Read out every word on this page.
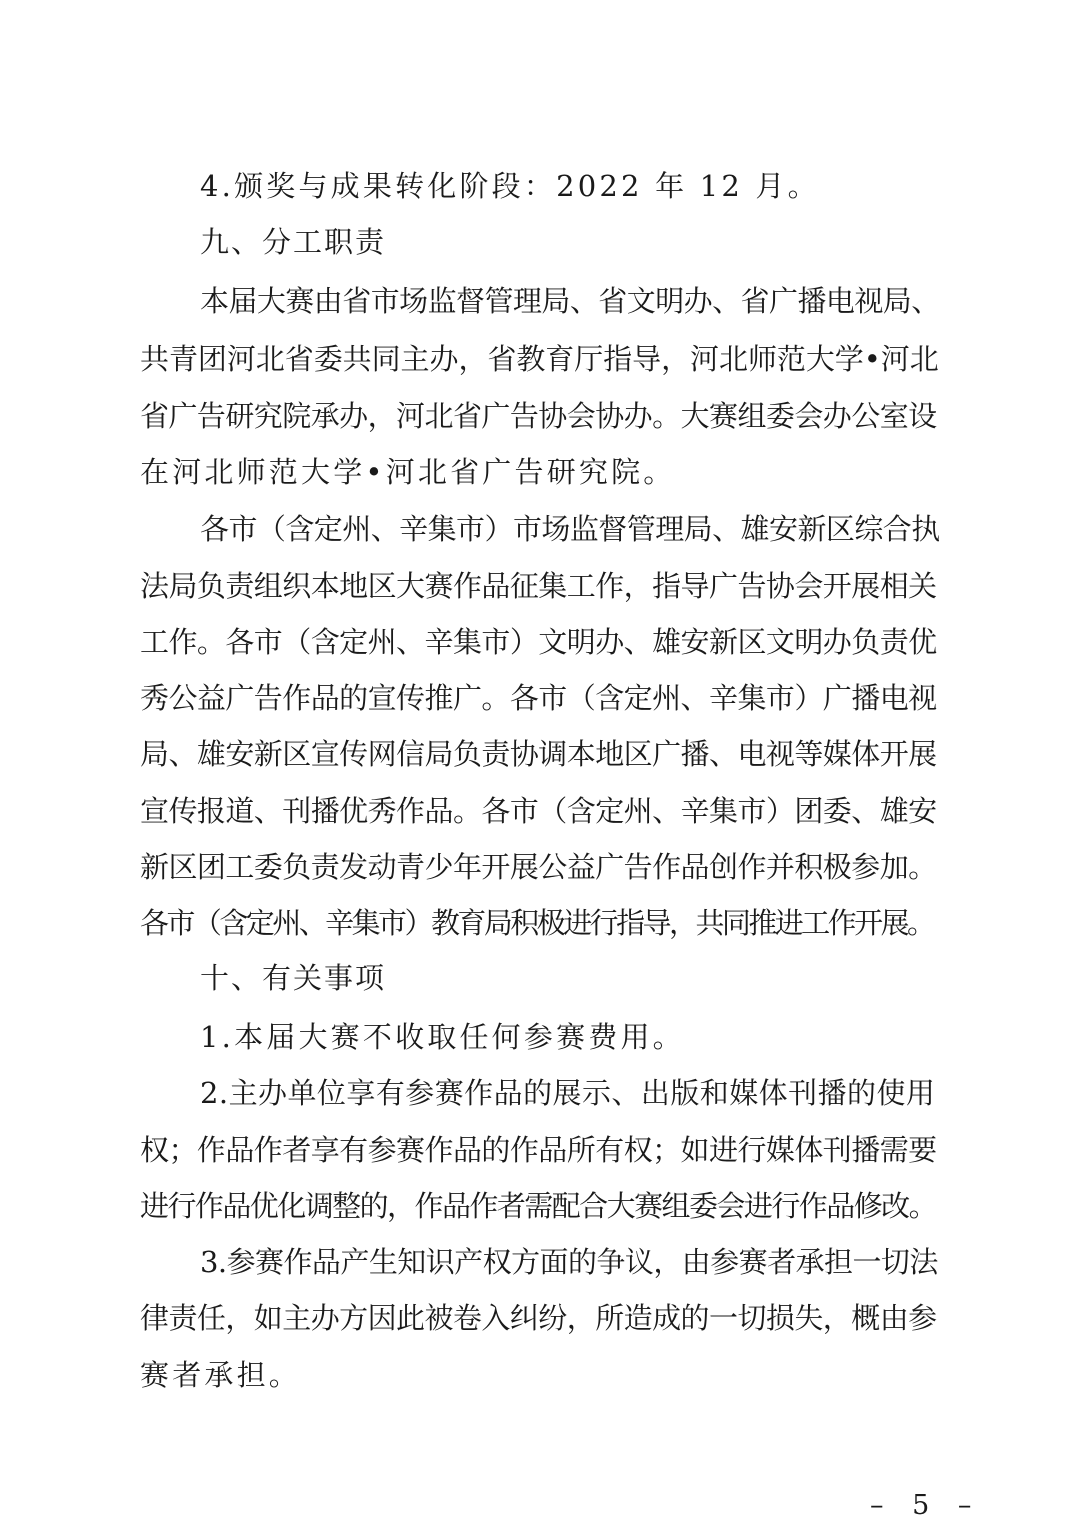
4.颁奖与成果转化阶段：2022 年 12 月。
九、分工职责
本届大赛由省市场监督管理局、省文明办、省广播电视局、
共青团河北省委共同主办，省教育厅指导，河北师范大学•河北
省广告研究院承办，河北省广告协会协办。大赛组委会办公室设
在河北师范大学•河北省广告研究院。
各市（含定州、辛集市）市场监督管理局、雄安新区综合执
法局负责组织本地区大赛作品征集工作，指导广告协会开展相关
工作。各市（含定州、辛集市）文明办、雄安新区文明办负责优
秀公益广告作品的宣传推广。各市（含定州、辛集市）广播电视
局、雄安新区宣传网信局负责协调本地区广播、电视等媒体开展
宣传报道、刊播优秀作品。各市（含定州、辛集市）团委、雄安
新区团工委负责发动青少年开展公益广告作品创作并积极参加。
各市（含定州、辛集市）教育局积极进行指导，共同推进工作开展。
十、有关事项
1.本届大赛不收取任何参赛费用。
2.主办单位享有参赛作品的展示、出版和媒体刊播的使用
权；作品作者享有参赛作品的作品所有权；如进行媒体刊播需要
进行作品优化调整的，作品作者需配合大赛组委会进行作品修改。
3.参赛作品产生知识产权方面的争议，由参赛者承担一切法
律责任，如主办方因此被卷入纠纷，所造成的一切损失，概由参
赛者承担。
– 5 –
